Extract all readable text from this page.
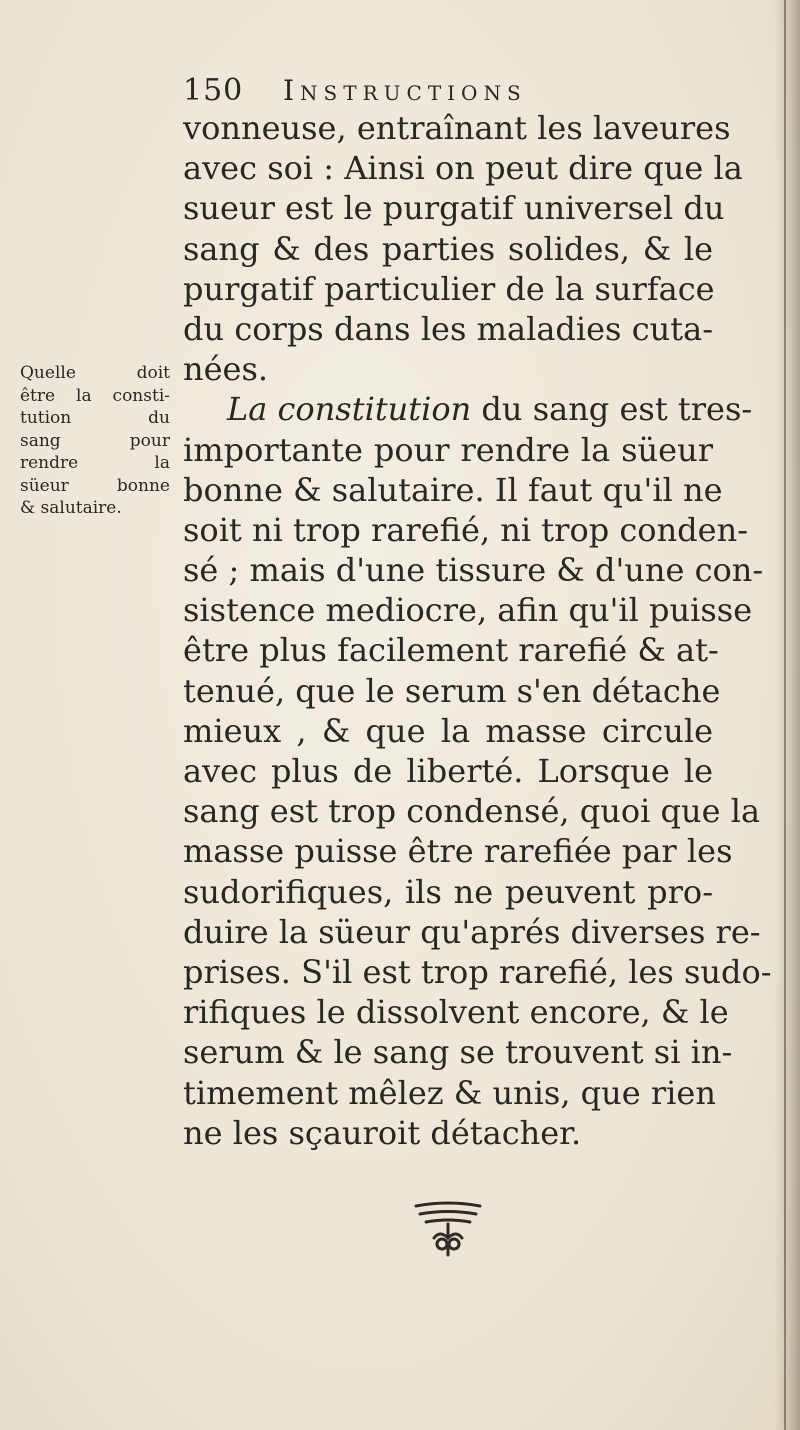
150 Instructions
Quelle doit
être la consti-
tution du
sang pour
rendre la
süeur bonne
& salutaire.
vonneuse, entraînant les laveures
avec soi : Ainsi on peut dire que la
sueur est le purgatif universel du
sang & des parties solides, & le
purgatif particulier de la surface
du corps dans les maladies cuta-
nées.
La constitution du sang est tres-
importante pour rendre la süeur
bonne & salutaire. Il faut qu'il ne
soit ni trop rarefié, ni trop conden-
sé ; mais d'une tissure & d'une con-
sistence mediocre, afin qu'il puisse
être plus facilement rarefié & at-
tenué, que le serum s'en détache
mieux , & que la masse circule
avec plus de liberté. Lorsque le
sang est trop condensé, quoi que la
masse puisse être rarefiée par les
sudorifiques, ils ne peuvent pro-
duire la süeur qu'aprés diverses re-
prises. S'il est trop rarefié, les sudo-
rifiques le dissolvent encore, & le
serum & le sang se trouvent si in-
timement mêlez & unis, que rien
ne les sçauroit détacher.
